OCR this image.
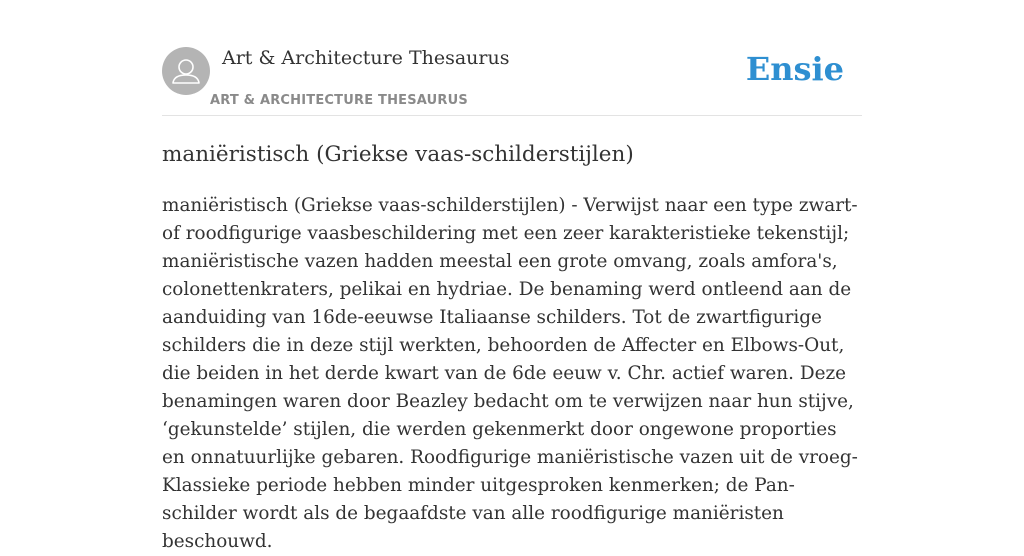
Art & Architecture Thesaurus
ART & ARCHITECTURE THESAURUS
Ensie
maniëristisch (Griekse vaas-schilderstijlen)

maniëristisch (Griekse vaas-schilderstijlen) - Verwijst naar een type zwart- of roodfigurige vaasbeschildering met een zeer karakteristieke tekenstijl; maniëristische vazen hadden meestal een grote omvang, zoals amfora's, colonettenkraters, pelikai en hydriae. De benaming werd ontleend aan de aanduiding van 16de-eeuwse Italiaanse schilders. Tot de zwartfigurige schilders die in deze stijl werkten, behoorden de Affecter en Elbows-Out, die beiden in het derde kwart van de 6de eeuw v. Chr. actief waren. Deze benamingen waren door Beazley bedacht om te verwijzen naar hun stijve, ‘gekunstelde’ stijlen, die werden gekenmerkt door ongewone proporties en onnatuurlijke gebaren. Roodfigurige maniëristische vazen uit de vroeg-Klassieke periode hebben minder uitgesproken kenmerken; de Pan-schilder wordt als de begaafdste van alle roodfigurige maniëristen beschouwd.
